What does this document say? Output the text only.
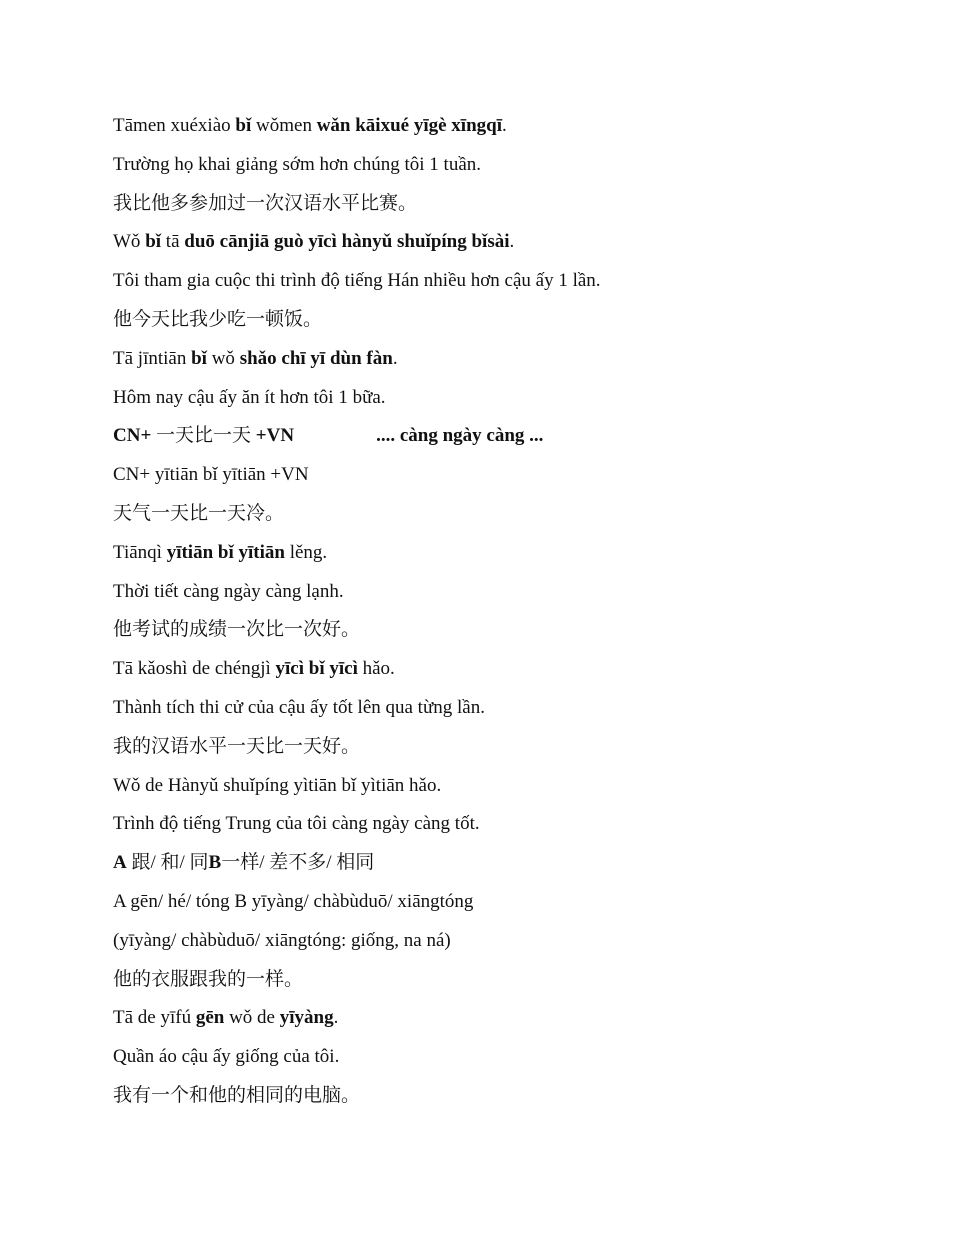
Tāmen xuéxiào bǐ wǒmen wǎn kāixué yīgè xīngqī.
Trường họ khai giảng sớm hơn chúng tôi 1 tuần.
我比他多参加过一次汉语水平比赛。
Wǒ bǐ tā duō cānjiā guò yīcì hànyǔ shuǐpíng bǐsài.
Tôi tham gia cuộc thi trình độ tiếng Hán nhiều hơn cậu ấy 1 lần.
他今天比我少吃一顿饭。
Tā jīntiān bǐ wǒ shǎo chī yī dùn fàn.
Hôm nay cậu ấy ăn ít hơn tôi 1 bữa.
CN+ 一天比一天 +VN	.... càng ngày càng ...
CN+ yītiān bǐ yītiān +VN
天气一天比一天冷。
Tiānqì yītiān bǐ yītiān lěng.
Thời tiết càng ngày càng lạnh.
他考试的成绩一次比一次好。
Tā kǎoshì de chéngjì yīcì bǐ yīcì hǎo.
Thành tích thi cử của cậu ấy tốt lên qua từng lần.
我的汉语水平一天比一天好。
Wǒ de Hànyǔ shuǐpíng yìtiān bǐ yìtiān hǎo.
Trình độ tiếng Trung của tôi càng ngày càng tốt.
A 跟/ 和/ 同B一样/ 差不多/ 相同
A gēn/ hé/ tóng B yīyàng/ chàbùduō/ xiāngtóng
(yīyàng/ chàbùduō/ xiāngtóng: giống, na ná)
他的衣服跟我的一样。
Tā de yīfú gēn wǒ de yīyàng.
Quần áo cậu ấy giống của tôi.
我有一个和他的相同的电脑。
